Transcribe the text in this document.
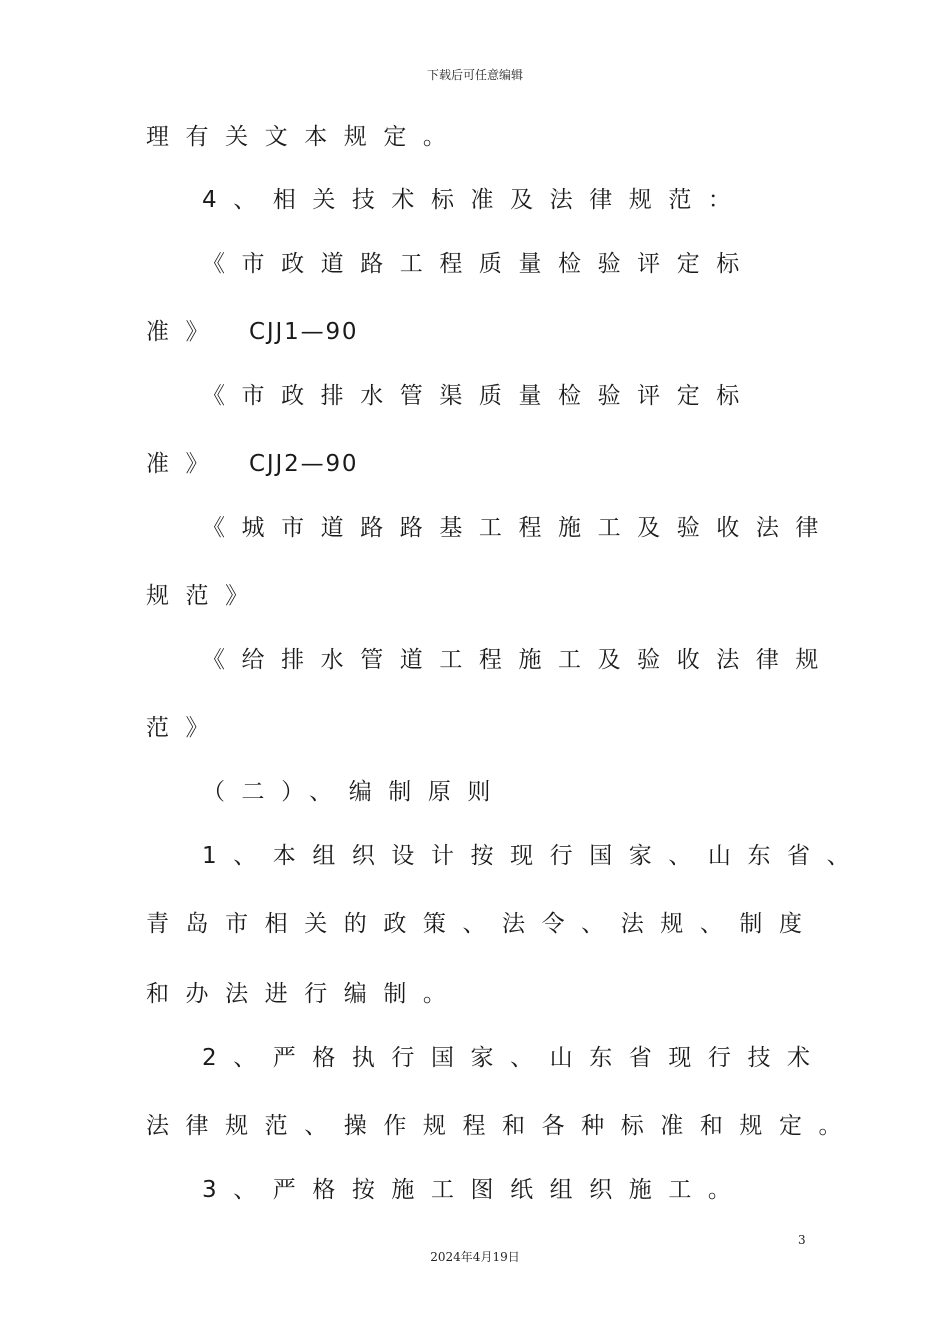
下载后可任意编辑
理有关文本规定。
4、相关技术标准及法律规范：
《市政道路工程质量检验评定标
准》 CJJ1—90
《市政排水管渠质量检验评定标
准》 CJJ2—90
《城市道路路基工程施工及验收法律
规范》
《给排水管道工程施工及验收法律规
范》
（二）、编制原则
1、本组织设计按现行国家、山东省、
青岛市相关的政策、法令、法规、制度
和办法进行编制。
2、严格执行国家、山东省现行技术
法律规范、操作规程和各种标准和规定。
3、严格按施工图纸组织施工。
3
2024年4月19日
